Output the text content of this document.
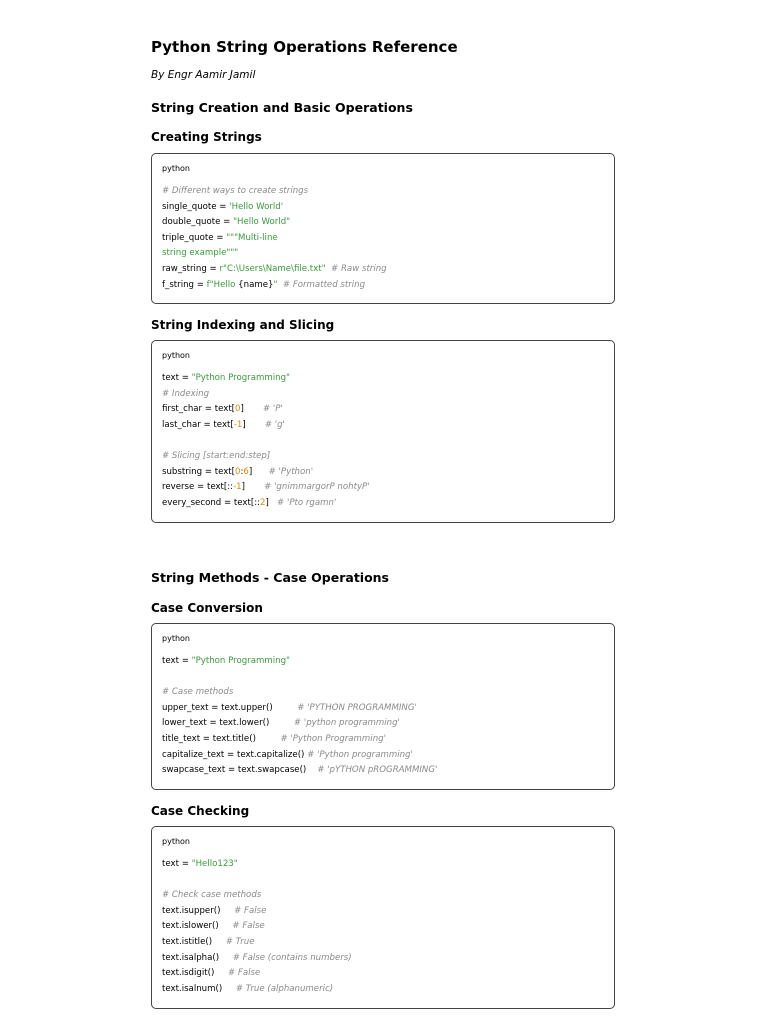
Python String Operations Reference
By Engr Aamir Jamil
String Creation and Basic Operations
Creating Strings
python
# Different ways to create strings
single_quote = 'Hello World'
double_quote = "Hello World"
triple_quote = """Multi-line
string example"""
raw_string = r"C:\Users\Name\file.txt" # Raw string
f_string = f"Hello {name}" # Formatted string
String Indexing and Slicing
python
text = "Python Programming"
# Indexing
first_char = text[0]       # 'P'
last_char = text[-1]       # 'g'

# Slicing [start:end:step]
substring = text[0:6]      # 'Python'
reverse = text[::-1]       # 'gnimmargorP nohtyP'
every_second = text[::2]   # 'Pto rgamn'
String Methods - Case Operations
Case Conversion
python
text = "Python Programming"

# Case methods
upper_text = text.upper()         # 'PYTHON PROGRAMMING'
lower_text = text.lower()         # 'python programming'
title_text = text.title()         # 'Python Programming'
capitalize_text = text.capitalize() # 'Python programming'
swapcase_text = text.swapcase()    # 'pYTHON pROGRAMMING'
Case Checking
python
text = "Hello123"

# Check case methods
text.isupper()     # False
text.islower()     # False
text.istitle()     # True
text.isalpha()     # False (contains numbers)
text.isdigit()     # False
text.isalnum()     # True (alphanumeric)
